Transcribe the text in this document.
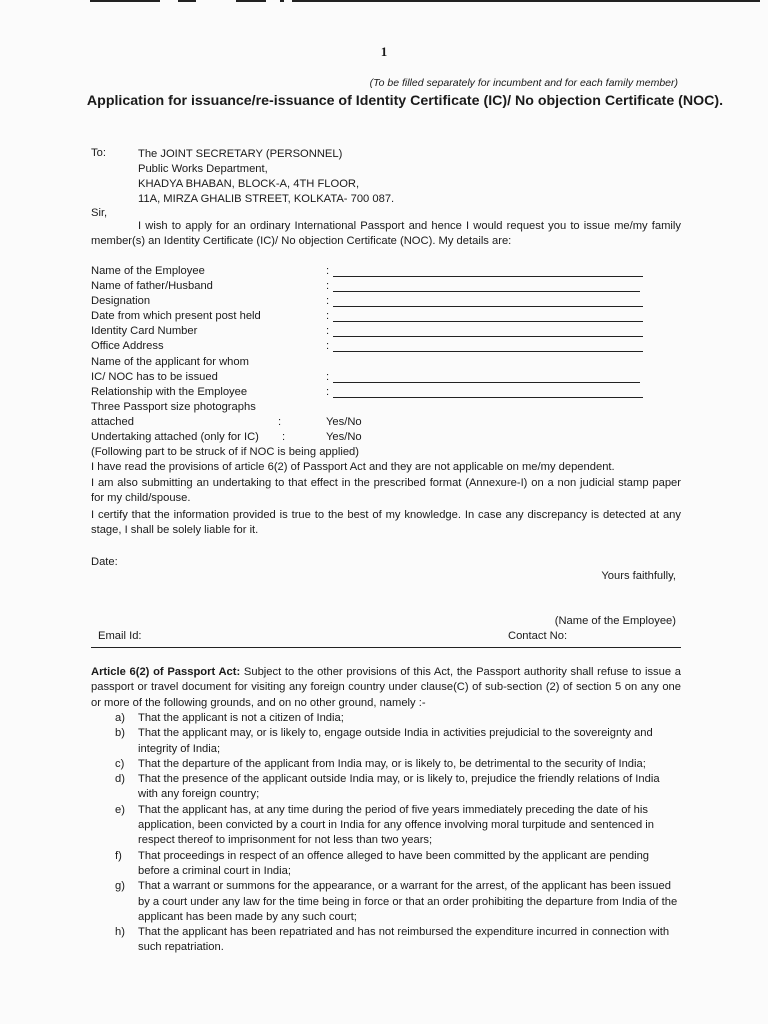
1
(To be filled separately for incumbent and for each family member)
Application for issuance/re-issuance of Identity Certificate (IC)/ No objection Certificate (NOC).
To:	The JOINT SECRETARY (PERSONNEL)
Public Works Department,
KHADYA BHABAN, BLOCK-A, 4TH FLOOR,
11A, MIRZA GHALIB STREET, KOLKATA- 700 087.
Sir,
I wish to apply for an ordinary International Passport and hence I would request you to issue me/my family member(s) an Identity Certificate (IC)/ No objection Certificate (NOC). My details are:
Name of the Employee	:
Name of father/Husband	:
Designation	:
Date from which present post held	:
Identity Card Number	:
Office Address	:
Name of the applicant for whom
IC/ NOC has to be issued	:
Relationship with the Employee	:
Three Passport size photographs
attached	:	Yes/No
Undertaking attached (only for IC) :	Yes/No
(Following part to be struck of if NOC is being applied)
I have read the provisions of article 6(2) of Passport Act and they are not applicable on me/my dependent.
I am also submitting an undertaking to that effect in the prescribed format (Annexure-I) on a non judicial stamp paper for my child/spouse.
I certify that the information provided is true to the best of my knowledge. In case any discrepancy is detected at any stage, I shall be solely liable for it.
Date:
Yours faithfully,
(Name of the Employee)
Email Id:	Contact No:
Article 6(2) of Passport Act: Subject to the other provisions of this Act, the Passport authority shall refuse to issue a passport or travel document for visiting any foreign country under clause(C) of sub-section (2) of section 5 on any one or more of the following grounds, and on no other ground, namely :-
a) That the applicant is not a citizen of India;
b) That the applicant may, or is likely to, engage outside India in activities prejudicial to the sovereignty and integrity of India;
c) That the departure of the applicant from India may, or is likely to, be detrimental to the security of India;
d) That the presence of the applicant outside India may, or is likely to, prejudice the friendly relations of India with any foreign country;
e) That the applicant has, at any time during the period of five years immediately preceding the date of his application, been convicted by a court in India for any offence involving moral turpitude and sentenced in respect thereof to imprisonment for not less than two years;
f) That proceedings in respect of an offence alleged to have been committed by the applicant are pending before a criminal court in India;
g) That a warrant or summons for the appearance, or a warrant for the arrest, of the applicant has been issued by a court under any law for the time being in force or that an order prohibiting the departure from India of the applicant has been made by any such court;
h) That the applicant has been repatriated and has not reimbursed the expenditure incurred in connection with such repatriation.
